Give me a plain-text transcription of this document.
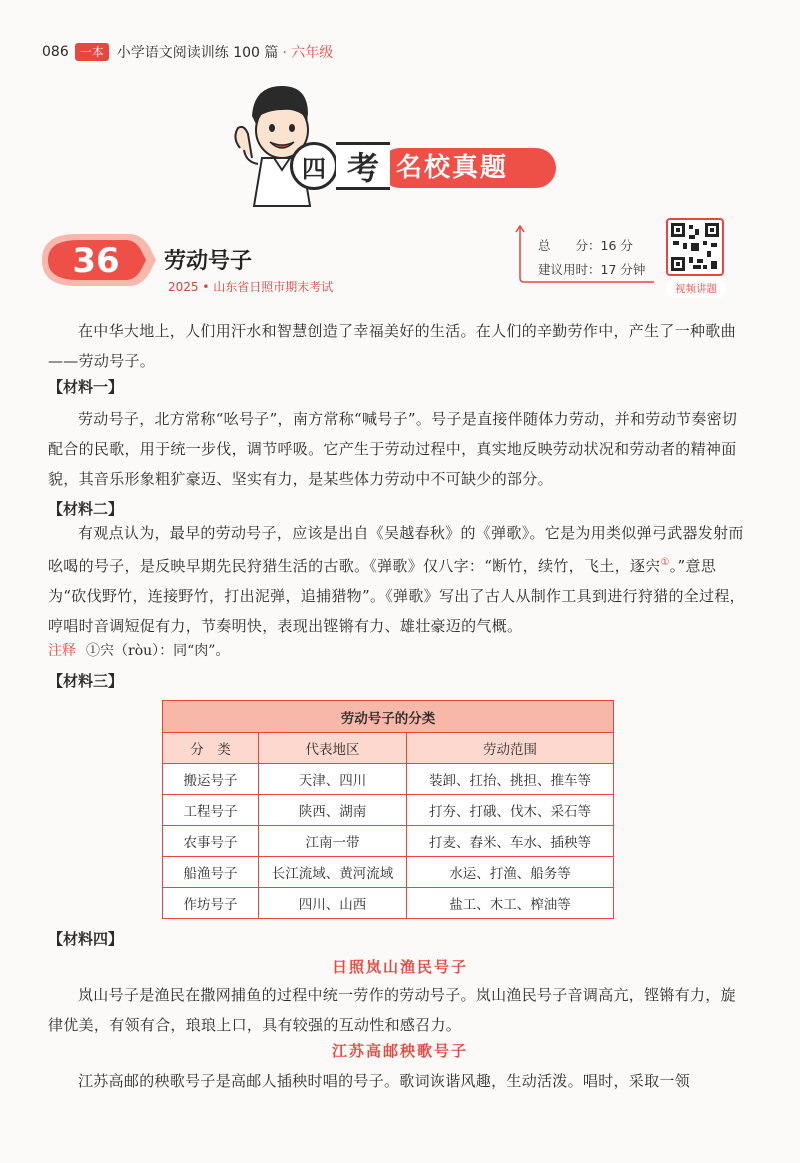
086 一本 小学语文阅读训练 100 篇 · 六年级
四 考 名校真题
36 劳动号子
2025 • 山东省日照市期末考试
总　　分：16 分
建议用时：17 分钟
视频讲题
在中华大地上，人们用汗水和智慧创造了幸福美好的生活。在人们的辛勤劳作中，产生了一种歌曲——劳动号子。
【材料一】
劳动号子，北方常称“吆号子”，南方常称“喊号子”。号子是直接伴随体力劳动，并和劳动节奏密切配合的民歌，用于统一步伐，调节呼吸。它产生于劳动过程中，真实地反映劳动状况和劳动者的精神面貌，其音乐形象粗犷豪迈、坚实有力，是某些体力劳动中不可缺少的部分。
【材料二】
有观点认为，最早的劳动号子，应该是出自《吴越春秋》的《弹歌》。它是为用类似弹弓武器发射而吆喝的号子，是反映早期先民狩猎生活的古歌。《弹歌》仅八字：“断竹，续竹，飞土，逐宍①。”意思为“砍伐野竹，连接野竹，打出泥弹，追捕猎物”。《弹歌》写出了古人从制作工具到进行狩猎的全过程，哼唱时音调短促有力，节奏明快，表现出铿锵有力、雄壮豪迈的气概。
注释 ①宍（ròu）：同“肉”。
【材料三】
劳动号子的分类		
分　类	代表地区	劳动范围
搬运号子	天津、四川	装卸、扛抬、挑担、推车等
工程号子	陕西、湖南	打夯、打硪、伐木、采石等
农事号子	江南一带	打麦、舂米、车水、插秧等
船渔号子	长江流域、黄河流域	水运、打渔、船务等
作坊号子	四川、山西	盐工、木工、榨油等
【材料四】
日照岚山渔民号子
岚山号子是渔民在撒网捕鱼的过程中统一劳作的劳动号子。岚山渔民号子音调高亢，铿锵有力，旋律优美，有领有合，琅琅上口，具有较强的互动性和感召力。
江苏高邮秧歌号子
江苏高邮的秧歌号子是高邮人插秧时唱的号子。歌词诙谐风趣，生动活泼。唱时，采取一领
